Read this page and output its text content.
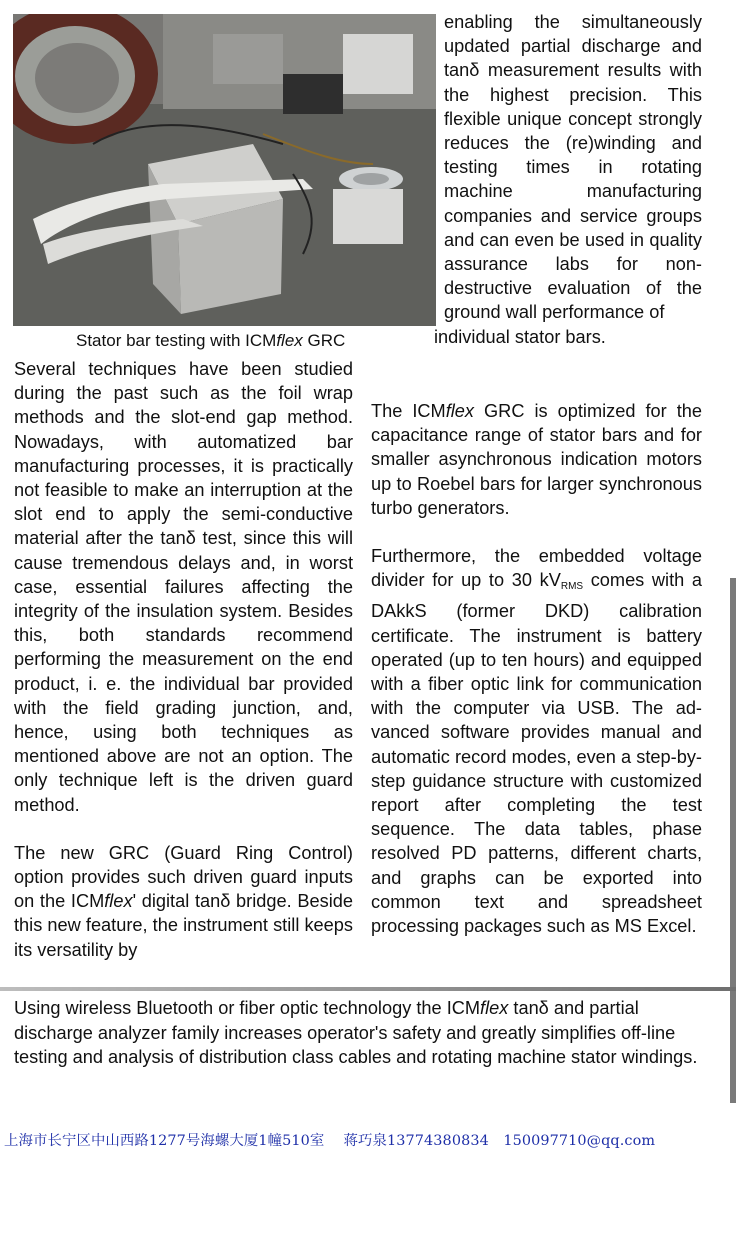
Stator bar testing with ICMflex GRC

enabling the simultaneously updated partial discharge and tanδ measurement results with the highest precision. This flexible unique concept strongly reduces the (re)winding and testing times in rotating machine manufacturing companies and service groups and can even be used in quality assurance labs for non-destructive evaluation of the ground wall performance of

individual stator bars.

Several techniques have been studied during the past such as the foil wrap methods and the slot-end gap method. Nowadays, with automatized bar manufacturing processes, it is practically not feasible to make an interruption at the slot end to apply the semi-conductive material after the tanδ test, since this will cause tremendous delays and, in worst case, essential failures affecting the integrity of the insulation system. Besides this, both standards recommend performing the measurement on the end product, i. e. the individual bar provided with the field grading junction, and, hence, using both techniques as mentioned above are not an option. The only technique left is the driven guard method.

The new GRC (Guard Ring Control) option provides such driven guard inputs on the ICMflex' digital tanδ bridge. Beside this new feature, the instrument still keeps its versatility by

The ICMflex GRC is optimized for the capacitance range of stator bars and for smaller asynchronous indication motors up to Roebel bars for larger synchronous turbo generators.

Furthermore, the embedded voltage divider for up to 30 $kV_{RMS}$ comes with a DAkkS (former DKD) calibration certificate. The instrument is battery operated (up to ten hours) and equipped with a fiber optic link for communication with the computer via USB. The ad-vanced software provides manual and automatic record modes, even a step-by-step guidance structure with customized report after completing the test sequence. The data tables, phase resolved PD patterns, different charts, and graphs can be exported into common text and spreadsheet processing packages such as MS Excel.

Using wireless Bluetooth or fiber optic technology the ICMflex tanδ and partial discharge analyzer family increases operator's safety and greatly simplifies off-line testing and analysis of distribution class cables and rotating machine stator windings.
上海市长宁区中山西路1277号海螺大厦1幢510室　 蒋巧泉13774380834　150097710@qq.com
